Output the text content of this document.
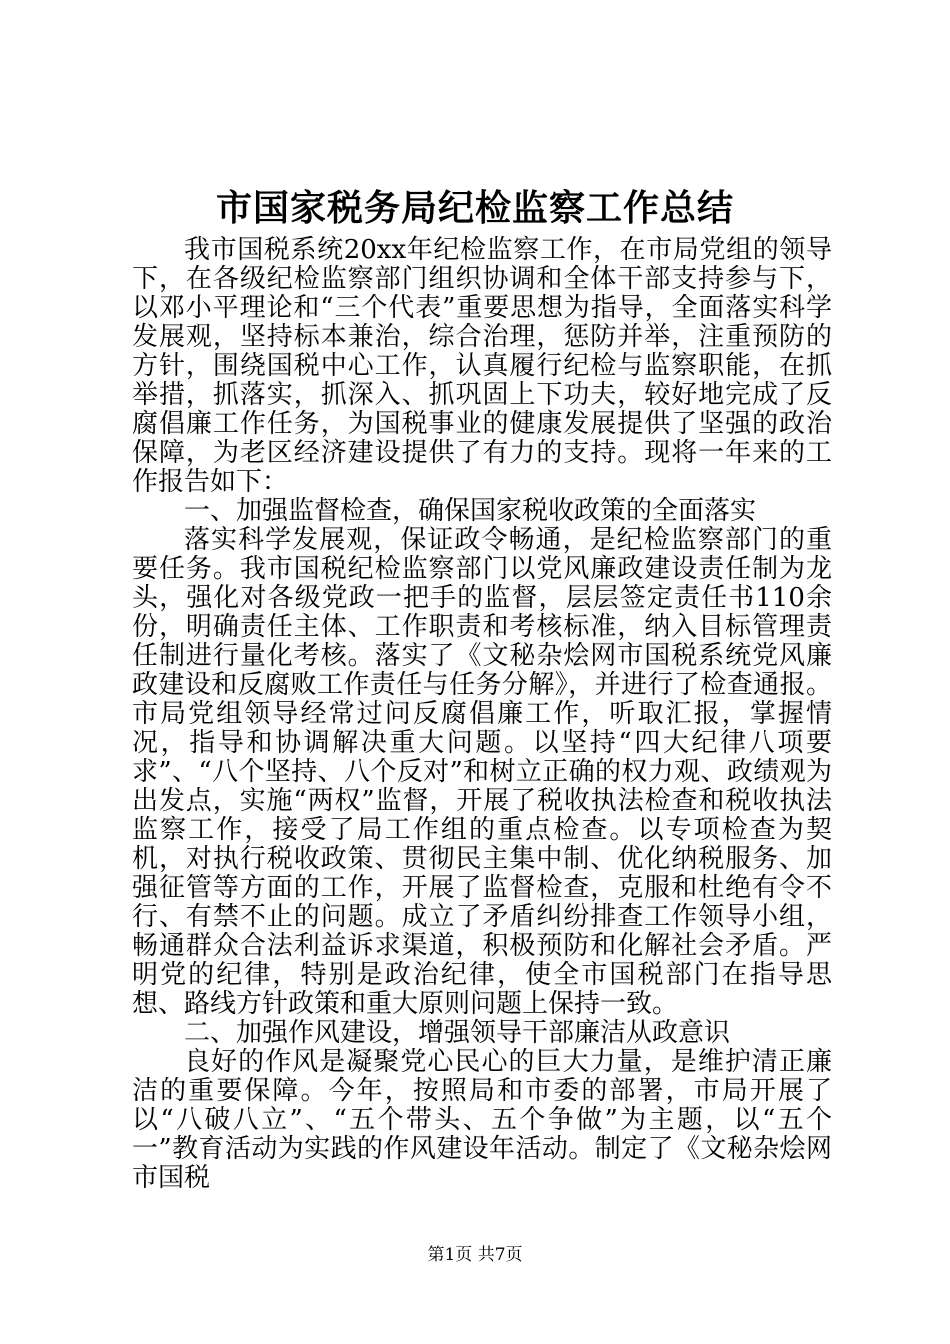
市国家税务局纪检监察工作总结

我市国税系统20xx年纪检监察工作，在市局党组的领导下，在各级纪检监察部门组织协调和全体干部支持参与下，以邓小平理论和“三个代表”重要思想为指导，全面落实科学发展观，坚持标本兼治，综合治理，惩防并举，注重预防的方针，围绕国税中心工作，认真履行纪检与监察职能，在抓举措，抓落实，抓深入、抓巩固上下功夫，较好地完成了反腐倡廉工作任务，为国税事业的健康发展提供了坚强的政治保障，为老区经济建设提供了有力的支持。现将一年来的工作报告如下：

一、加强监督检查，确保国家税收政策的全面落实

落实科学发展观，保证政令畅通，是纪检监察部门的重要任务。我市国税纪检监察部门以党风廉政建设责任制为龙头，强化对各级党政一把手的监督，层层签定责任书110余份，明确责任主体、工作职责和考核标准，纳入目标管理责任制进行量化考核。落实了《文秘杂烩网市国税系统党风廉政建设和反腐败工作责任与任务分解》，并进行了检查通报。市局党组领导经常过问反腐倡廉工作，听取汇报，掌握情况，指导和协调解决重大问题。以坚持“四大纪律八项要求”、“八个坚持、八个反对”和树立正确的权力观、政绩观为出发点，实施“两权”监督，开展了税收执法检查和税收执法监察工作，接受了局工作组的重点检查。以专项检查为契机，对执行税收政策、贯彻民主集中制、优化纳税服务、加强征管等方面的工作，开展了监督检查，克服和杜绝有令不行、有禁不止的问题。成立了矛盾纠纷排查工作领导小组，畅通群众合法利益诉求渠道，积极预防和化解社会矛盾。严明党的纪律，特别是政治纪律，使全市国税部门在指导思想、路线方针政策和重大原则问题上保持一致。

二、加强作风建设，增强领导干部廉洁从政意识

良好的作风是凝聚党心民心的巨大力量，是维护清正廉洁的重要保障。今年，按照局和市委的部署，市局开展了以“八破八立”、“五个带头、五个争做”为主题，以“五个一”教育活动为实践的作风建设年活动。制定了《文秘杂烩网市国税

第1页 共7页
